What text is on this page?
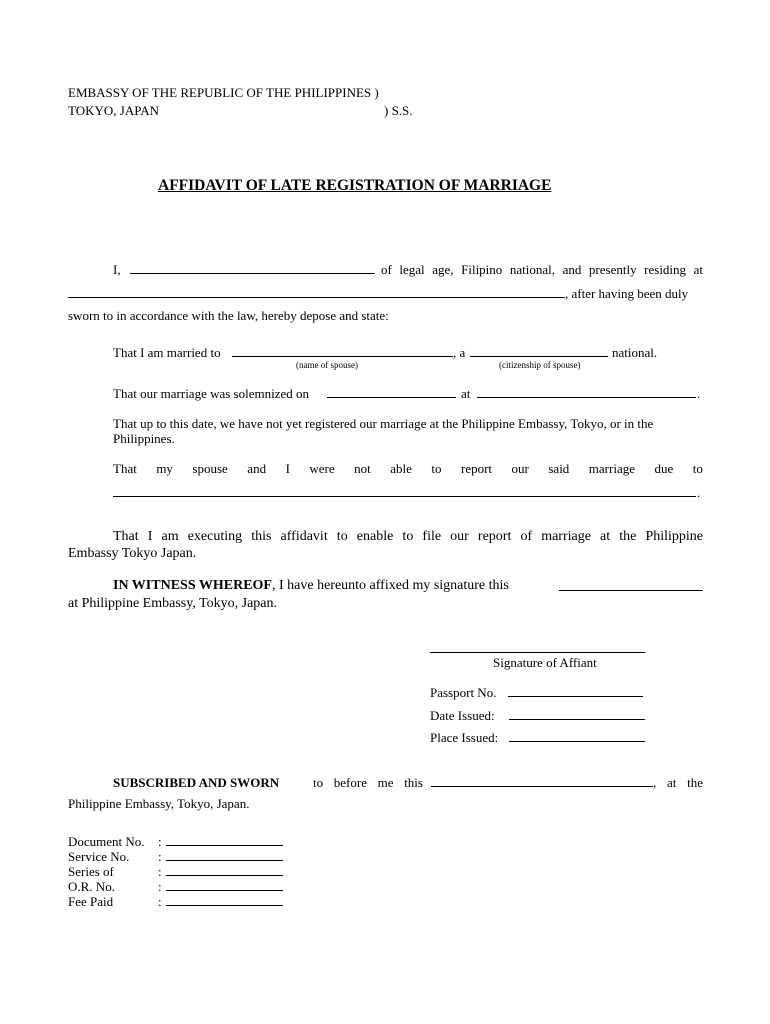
EMBASSY OF THE REPUBLIC OF THE PHILIPPINES )
TOKYO, JAPAN	) S.S.
AFFIDAVIT OF LATE REGISTRATION OF MARRIAGE
I,	of legal age, Filipino national, and presently residing at
, after having been duly
sworn to in accordance with the law, hereby depose and state:
That I am married to	, a	national.
(name of spouse)	(citizenship of spouse)
That our marriage was solemnized on	at	.
That up to this date, we have not yet registered our marriage at the Philippine Embassy, Tokyo, or in the
Philippines.
That my spouse and I were not able to report our said marriage due to
.
That I am executing this affidavit to enable to file our report of marriage at the Philippine
Embassy Tokyo Japan.
IN WITNESS WHEREOF, I have hereunto affixed my signature this
at Philippine Embassy, Tokyo, Japan.
Signature of Affiant
Passport No.
Date Issued:
Place Issued:
SUBSCRIBED AND SWORN	to before me this	, at the
Philippine Embassy, Tokyo, Japan.
Document No. :
Service No. :
Series of	:
O.R. No.	:
Fee Paid	:
